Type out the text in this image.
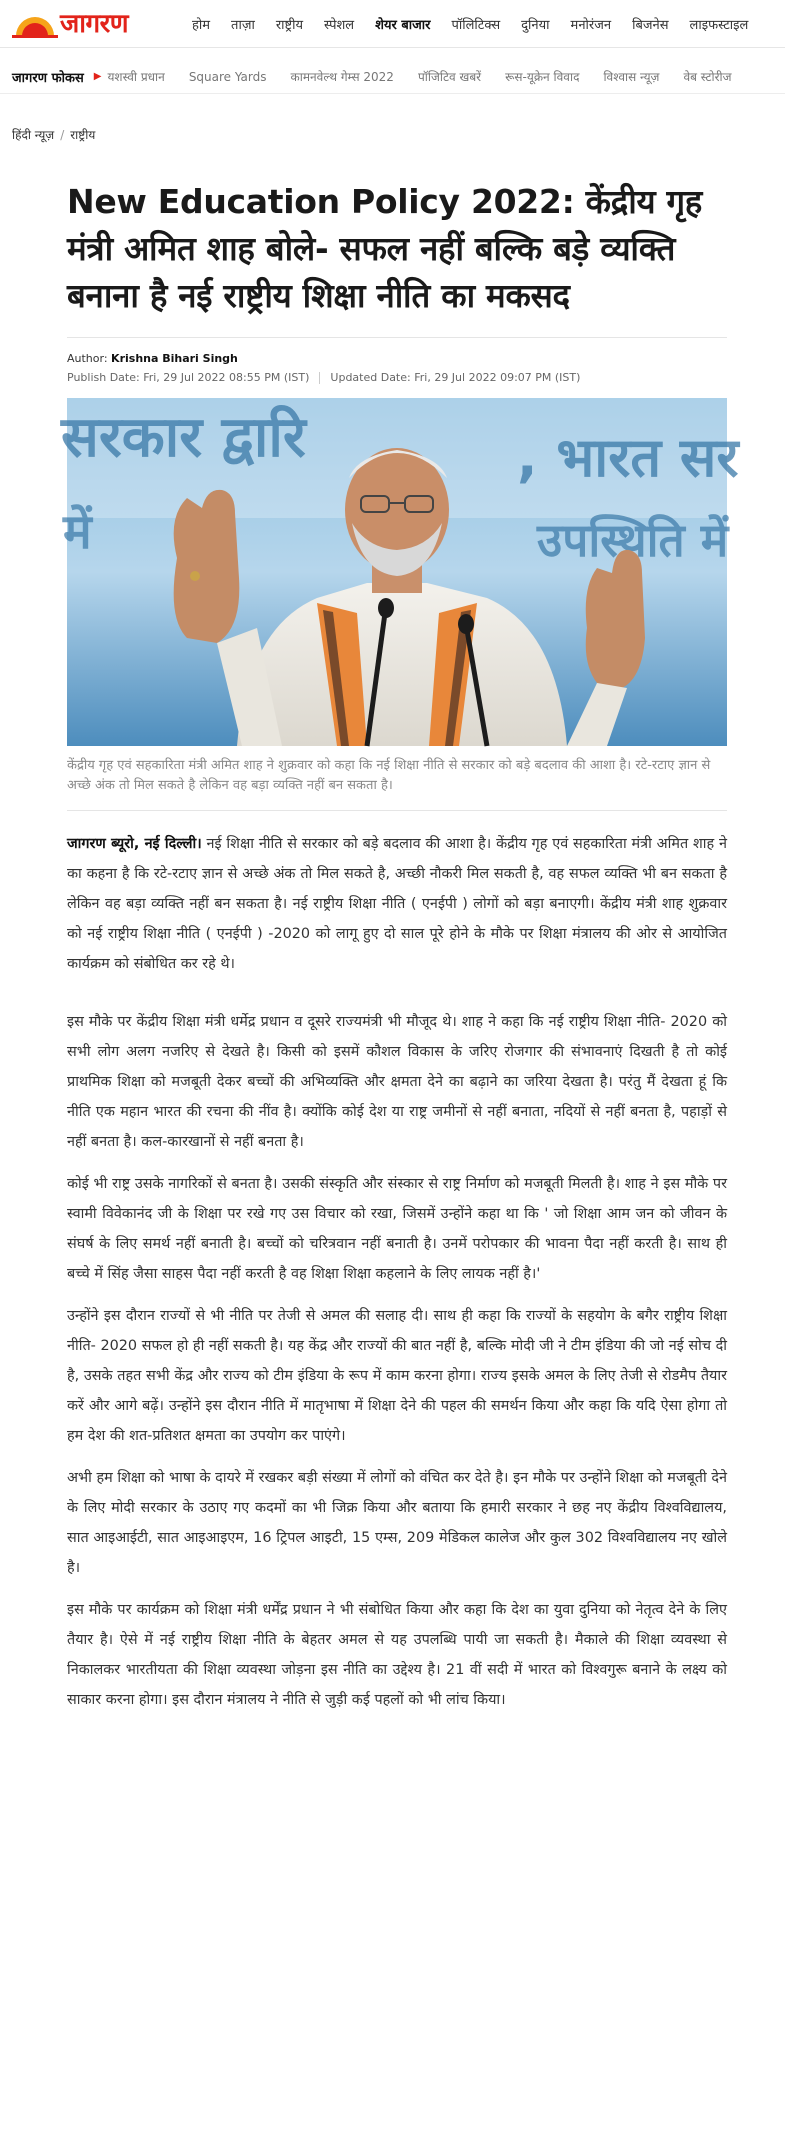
जागरण	होम ताज़ा राष्ट्रीय स्पेशल शेयर बाजार पॉलिटिक्स दुनिया मनोरंजन बिजनेस लाइफस्टाइल
जागरण फोकस ▶ यशस्वी प्रधान Square Yards कामनवेल्थ गेम्स 2022 पॉजिटिव खबरें रूस-यूक्रेन विवाद विश्वास न्यूज़ वेब स्टोरीज
हिंदी न्यूज़ / राष्ट्रीय
New Education Policy 2022: केंद्रीय गृह मंत्री अमित शाह बोले- सफल नहीं बल्कि बड़े व्यक्ति बनाना है नई राष्ट्रीय शिक्षा नीति का मकसद
Author: Krishna Bihari Singh
Publish Date: Fri, 29 Jul 2022 08:55 PM (IST) Updated Date: Fri, 29 Jul 2022 09:07 PM (IST)
सरकार द्वारि	, भारत सर
में	उपस्थिति में

केंद्रीय गृह एवं सहकारिता मंत्री अमित शाह ने शुक्रवार को कहा कि नई शिक्षा नीति से सरकार को बड़े बदलाव की आशा है। रटे-रटाए ज्ञान से अच्छे अंक तो मिल सकते है लेकिन वह बड़ा व्यक्ति नहीं बन सकता है।

जागरण ब्यूरो, नई दिल्ली। नई शिक्षा नीति से सरकार को बड़े बदलाव की आशा है। केंद्रीय गृह एवं सहकारिता मंत्री अमित शाह ने का कहना है कि रटे-रटाए ज्ञान से अच्छे अंक तो मिल सकते है, अच्छी नौकरी मिल सकती है, वह सफल व्यक्ति भी बन सकता है लेकिन वह बड़ा व्यक्ति नहीं बन सकता है। नई राष्ट्रीय शिक्षा नीति ( एनईपी ) लोगों को बड़ा बनाएगी। केंद्रीय मंत्री शाह शुक्रवार को नई राष्ट्रीय शिक्षा नीति ( एनईपी ) -2020 को लागू हुए दो साल पूरे होने के मौके पर शिक्षा मंत्रालय की ओर से आयोजित कार्यक्रम को संबोधित कर रहे थे।

इस मौके पर केंद्रीय शिक्षा मंत्री धर्मेद्र प्रधान व दूसरे राज्यमंत्री भी मौजूद थे। शाह ने कहा कि नई राष्ट्रीय शिक्षा नीति- 2020 को सभी लोग अलग नजरिए से देखते है। किसी को इसमें कौशल विकास के जरिए रोजगार की संभावनाएं दिखती है तो कोई प्राथमिक शिक्षा को मजबूती देकर बच्चों की अभिव्यक्ति और क्षमता देने का बढ़ाने का जरिया देखता है। परंतु मैं देखता हूं कि नीति एक महान भारत की रचना की नींव है। क्योंकि कोई देश या राष्ट्र जमीनों से नहीं बनाता, नदियों से नहीं बनता है, पहाड़ों से नहीं बनता है। कल-कारखानों से नहीं बनता है।

कोई भी राष्ट्र उसके नागरिकों से बनता है। उसकी संस्कृति और संस्कार से राष्ट्र निर्माण को मजबूती मिलती है। शाह ने इस मौके पर स्वामी विवेकानंद जी के शिक्षा पर रखे गए उस विचार को रखा, जिसमें उन्होंने कहा था कि ' जो शिक्षा आम जन को जीवन के संघर्ष के लिए समर्थ नहीं बनाती है। बच्चों को चरित्रवान नहीं बनाती है। उनमें परोपकार की भावना पैदा नहीं करती है। साथ ही बच्चे में सिंह जैसा साहस पैदा नहीं करती है वह शिक्षा शिक्षा कहलाने के लिए लायक नहीं है।'

उन्होंने इस दौरान राज्यों से भी नीति पर तेजी से अमल की सलाह दी। साथ ही कहा कि राज्यों के सहयोग के बगैर राष्ट्रीय शिक्षा नीति- 2020 सफल हो ही नहीं सकती है। यह केंद्र और राज्यों की बात नहीं है, बल्कि मोदी जी ने टीम इंडिया की जो नई सोच दी है, उसके तहत सभी केंद्र और राज्य को टीम इंडिया के रूप में काम करना होगा। राज्य इसके अमल के लिए तेजी से रोडमैप तैयार करें और आगे बढ़ें। उन्होंने इस दौरान नीति में मातृभाषा में शिक्षा देने की पहल की समर्थन किया और कहा कि यदि ऐसा होगा तो हम देश की शत-प्रतिशत क्षमता का उपयोग कर पाएंगे।

अभी हम शिक्षा को भाषा के दायरे में रखकर बड़ी संख्या में लोगों को वंचित कर देते है। इन मौके पर उन्होंने शिक्षा को मजबूती देने के लिए मोदी सरकार के उठाए गए कदमों का भी जिक्र किया और बताया कि हमारी सरकार ने छह नए केंद्रीय विश्वविद्यालय, सात आइआईटी, सात आइआइएम, 16 ट्रिपल आइटी, 15 एम्स, 209 मेडिकल कालेज और कुल 302 विश्वविद्यालय नए खोले है।

इस मौके पर कार्यक्रम को शिक्षा मंत्री धर्मेंद्र प्रधान ने भी संबोधित किया और कहा कि देश का युवा दुनिया को नेतृत्व देने के लिए तैयार है। ऐसे में नई राष्ट्रीय शिक्षा नीति के बेहतर अमल से यह उपलब्धि पायी जा सकती है। मैकाले की शिक्षा व्यवस्था से निकालकर भारतीयता की शिक्षा व्यवस्था जोड़ना इस नीति का उद्देश्य है। 21 वीं सदी में भारत को विश्वगुरू बनाने के लक्ष्य को साकार करना होगा। इस दौरान मंत्रालय ने नीति से जुड़ी कई पहलों को भी लांच किया।
